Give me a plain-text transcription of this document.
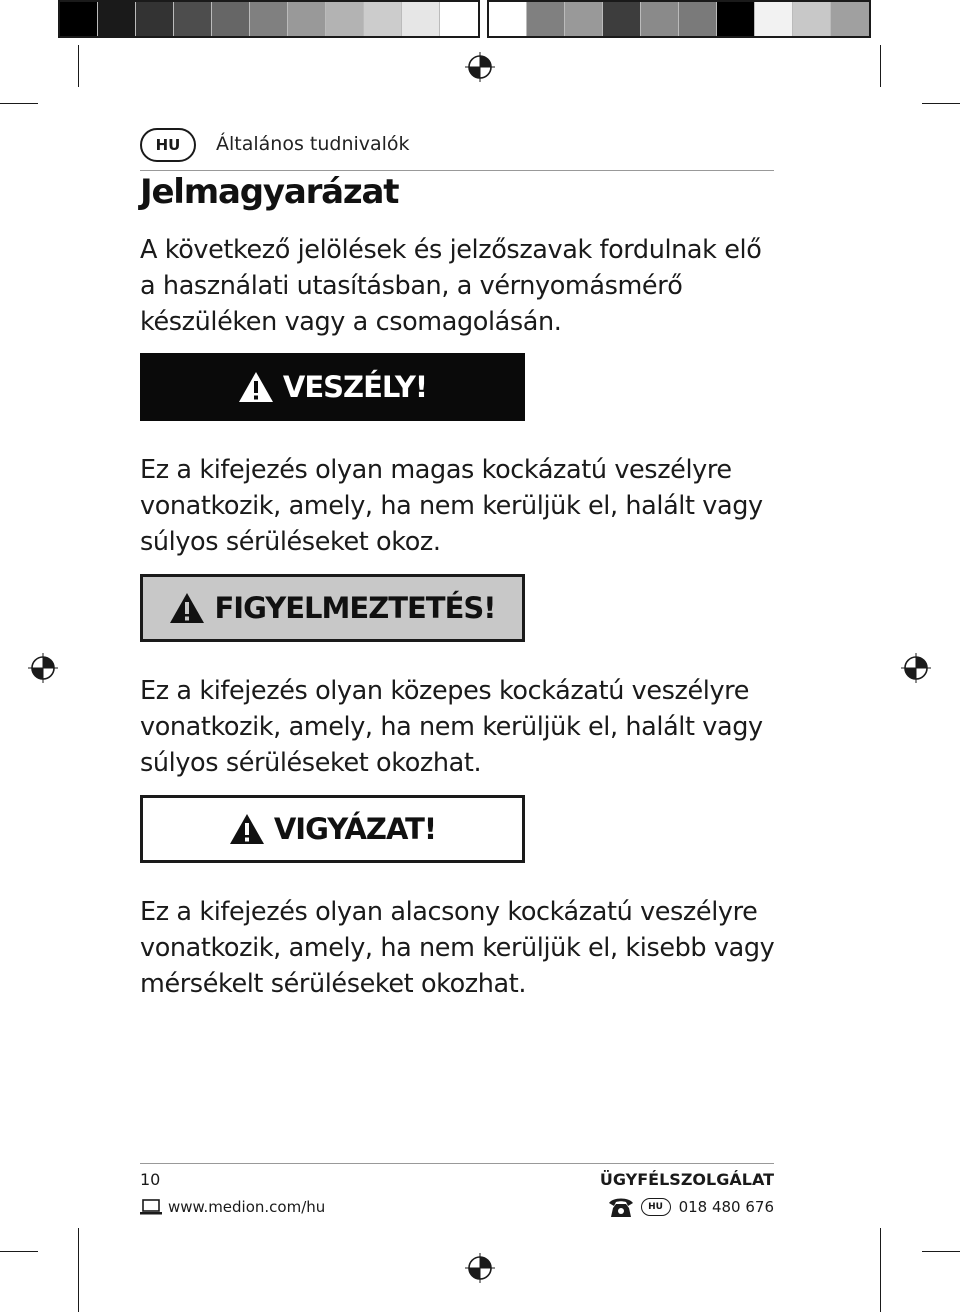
HU	Általános tudnivalók
Jelmagyarázat

A következő jelölések és jelzőszavak fordulnak elő a használati utasításban, a vérnyomásmérő készüléken vagy a csomagolásán.

VESZÉLY!

Ez a kifejezés olyan magas kockázatú veszélyre vonatkozik, amely, ha nem kerüljük el, halált vagy súlyos sérüléseket okoz.

FIGYELMEZTETÉS!

Ez a kifejezés olyan közepes kockázatú veszélyre vonatkozik, amely, ha nem kerüljük el, halált vagy súlyos sérüléseket okozhat.

VIGYÁZAT!

Ez a kifejezés olyan alacsony kockázatú veszélyre vonatkozik, amely, ha nem kerüljük el, kisebb vagy mérsékelt sérüléseket okozhat.

10	ÜGYFÉLSZOLGÁLAT
www.medion.com/hu	HU	018 480 676
